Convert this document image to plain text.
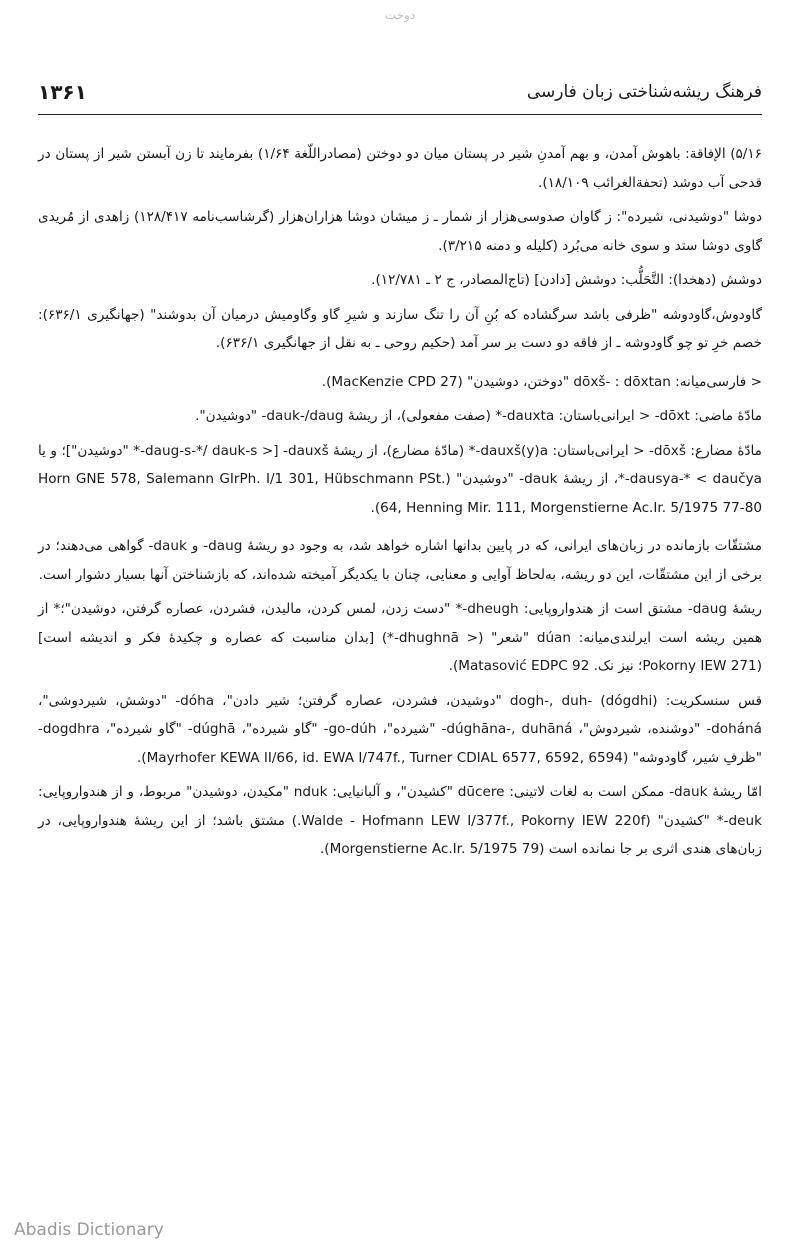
دوخت
۱۳۶۱	فرهنگ ریشه‌شناختی زبان فارسی

۵/۱۶) الإفاقة: باهوش آمدن، و بهم آمدنِ شیر در پستان میان دو دوختن (مصادراللّغة ۱/۶۴) بفرمایند تا زن آبستن شیر از پستان در قدحی آب دوشد (تحفةالغرائب ۱۸/۱۰۹).

دوشا "دوشیدنی، شیرده": ز گاوان صدوسی‌هزار از شمار ـ ز میشان دوشا هزاران‌هزار (گرشاسب‌نامه ۱۲۸/۴۱۷) زاهدی از مُریدی گاوی دوشا ستد و سوی خانه می‌بُرد (کلیله و دمنه ۳/۲۱۵).

دوشش (دهخدا): التَّحَلُّب: دوشش [دادن] (تاج‌المصادر، ج ۲ ـ ۱۲/۷۸۱).

گاودوش،گاودوشه "ظرفی باشد سرگشاده که بُنِ آن را تنگ سازند و شیرِ گاو وگاومیش درمیان آن بدوشند" (جهانگیری ۶۳۶/۱): خصم خرِ تو چو گاودوشه ـ از فاقه دو دست بر سر آمد (حکیم روحی ـ به نقل از جهانگیری ۶۳۶/۱).

< فارسی‌میانه: dōxš- : dōxtan "دوختن، دوشیدن" (MacKenzie CPD 27).

مادّهٔ ماضی: dōxt- < ایرانی‌باستان: dauxta-* (صفت مفعولی)، از ریشهٔ dauk-/daug- "دوشیدن".

مادّهٔ مضارع: dōxš- < ایرانی‌باستان: dauxš(y)a-* (مادّهٔ مضارع)، از ریشهٔ dauxš- [< daug-s-*/ dauk-s-* "دوشیدن"]؛ و یا dausya-* < daučya-*، از ریشهٔ dauk- "دوشیدن" (Horn GNE 578, Salemann GIrPh. I/1 301, Hübschmann PSt. 64, Henning Mir. 111, Morgenstierne Ac.Ir. 5/1975 77-80).

مشتقّات بازمانده در زبان‌های ایرانی، که در پایین بدانها اشاره خواهد شد، به وجود دو ریشهٔ daug- و dauk- گواهی می‌دهند؛ در برخی از این مشتقّات، این دو ریشه، به‌لحاظ آوایی و معنایی، چنان با یکدیگر آمیخته شده‌اند، که بازشناختن آنها بسیار دشوار است.

ریشهٔ daug- مشتق است از هندواروپایی: dheugh-* "دست زدن، لمس کردن، مالیدن، فشردن، عصاره گرفتن، دوشیدن"؛* از همین ریشه است ایرلندی‌میانه: dúan "شعر" (< dhughnā-*) [بدان مناسبت که عصاره و چکیدهٔ فکر و اندیشه است] (Pokorny IEW 271؛ نیز نک. Matasović EDPC 92).

قس سنسکریت: dogh-, duh- (dógdhi) "دوشیدن، فشردن، عصاره گرفتن؛ شیر دادن"، dóha- "دوشش، شیردوشی"، doháná- "دوشنده، شیردوش"، dúghāna-, duhāná- "شیرده"، go-dúh- "گاو شیرده"، dúghā- "گاو شیرده"، dogdhra- "ظرفِ شیر، گاودوشه" (Mayrhofer KEWA II/66, id. EWA I/747f., Turner CDIAL 6577, 6592, 6594).

امّا ریشهٔ dauk- ممکن است به لغات لاتینی: dūcere "کشیدن"، و آلبانیایی: nduk "مکیدن، دوشیدن" مربوط، و از هندواروپایی: deuk-* "کشیدن" (Walde - Hofmann LEW I/377f., Pokorny IEW 220f.) مشتق باشد؛ از این ریشهٔ هندواروپایی، در زبان‌های هندی اثری بر جا نمانده است (Morgenstierne Ac.Ir. 5/1975 79).

Abadis Dictionary
